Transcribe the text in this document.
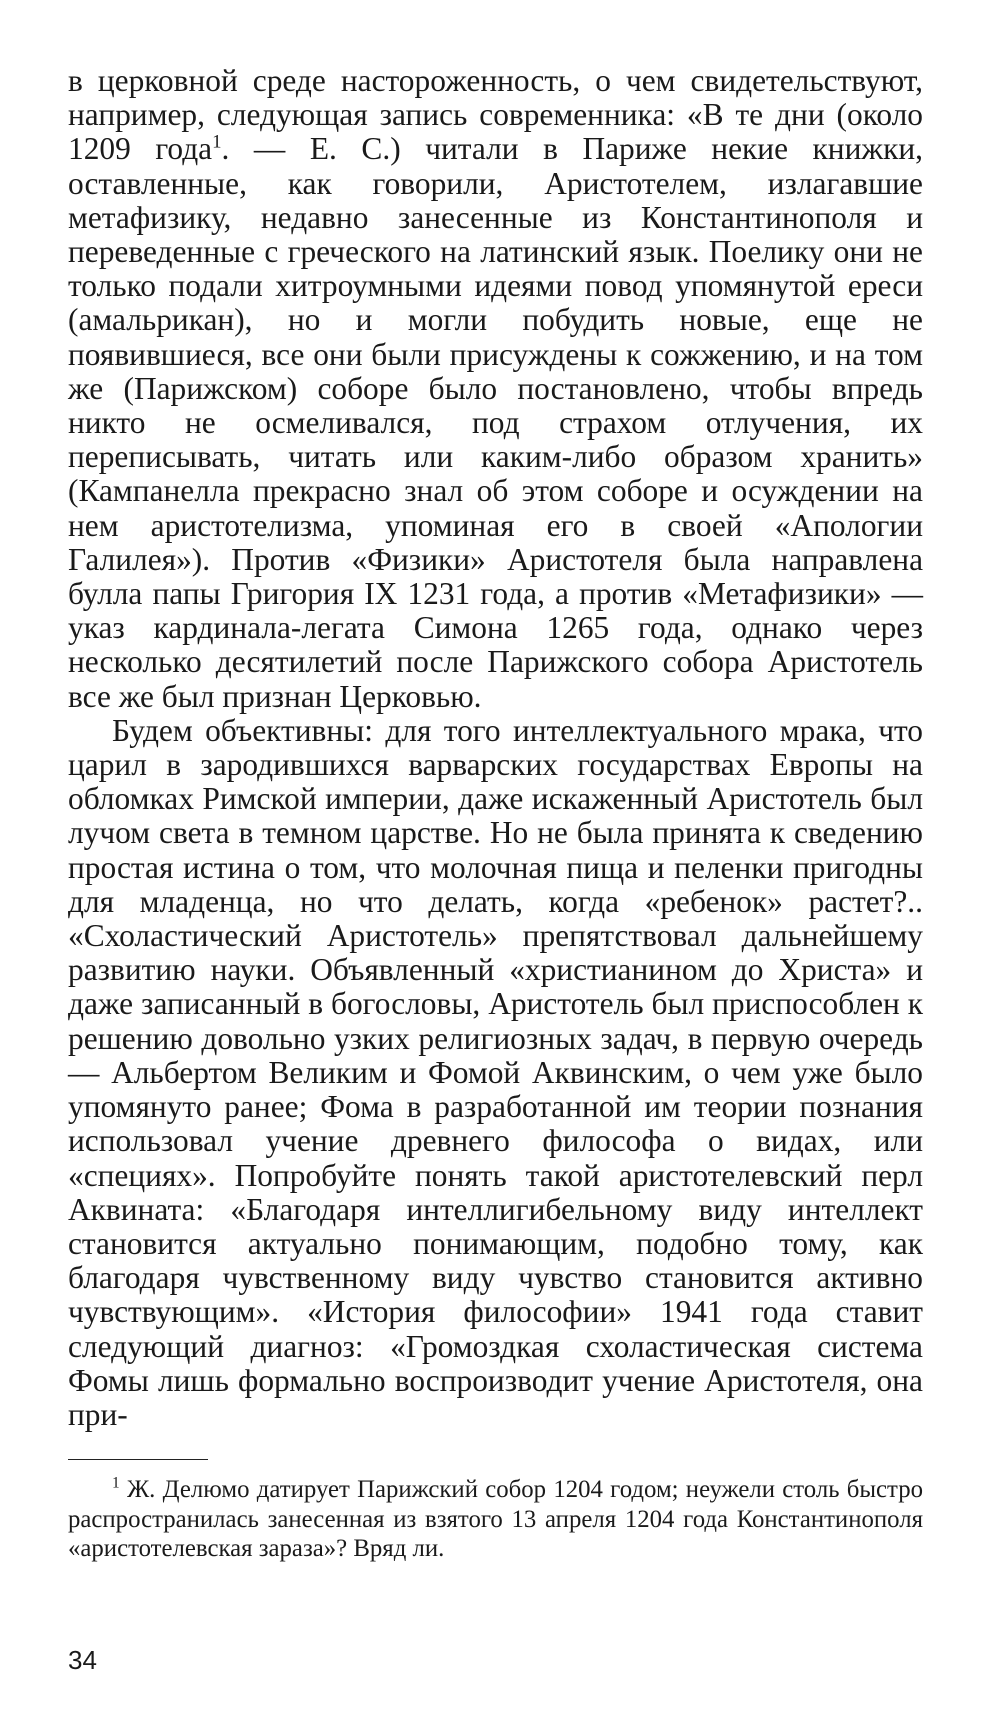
в церковной среде настороженность, о чем свидетельствуют, например, следующая запись современника: «В те дни (около 1209 года$^1$. — Е. С.) читали в Париже некие книжки, оставленные, как говорили, Аристотелем, излагавшие метафизику, недавно занесенные из Константинополя и переведенные с греческого на латинский язык. Поелику они не только подали хитроумными идеями повод упомянутой ереси (амальрикан), но и могли побудить новые, еще не появившиеся, все они были присуждены к сожжению, и на том же (Парижском) соборе было постановлено, чтобы впредь никто не осмеливался, под страхом отлучения, их переписывать, читать или каким-либо образом хранить» (Кампанелла прекрасно знал об этом соборе и осуждении на нем аристотелизма, упоминая его в своей «Апологии Галилея»). Против «Физики» Аристотеля была направлена булла папы Григория IX 1231 года, а против «Метафизики» — указ кардинала-легата Симона 1265 года, однако через несколько десятилетий после Парижского собора Аристотель все же был признан Церковью.

Будем объективны: для того интеллектуального мрака, что царил в зародившихся варварских государствах Европы на обломках Римской империи, даже искаженный Аристотель был лучом света в темном царстве. Но не была принята к сведению простая истина о том, что молочная пища и пеленки пригодны для младенца, но что делать, когда «ребенок» растет?.. «Схоластический Аристотель» препятствовал дальнейшему развитию науки. Объявленный «христианином до Христа» и даже записанный в богословы, Аристотель был приспособлен к решению довольно узких религиозных задач, в первую очередь — Альбертом Великим и Фомой Аквинским, о чем уже было упомянуто ранее; Фома в разработанной им теории познания использовал учение древнего философа о видах, или «специях». Попробуйте понять такой аристотелевский перл Аквината: «Благодаря интеллигибельному виду интеллект становится актуально понимающим, подобно тому, как благодаря чувственному виду чувство становится активно чувствующим». «История философии» 1941 года ставит следующий диагноз: «Громоздкая схоластическая система Фомы лишь формально воспроизводит учение Аристотеля, она при-

$^1$ Ж. Делюмо датирует Парижский собор 1204 годом; неужели столь быстро распространилась занесенная из взятого 13 апреля 1204 года Константинополя «аристотелевская зараза»? Вряд ли.

34
